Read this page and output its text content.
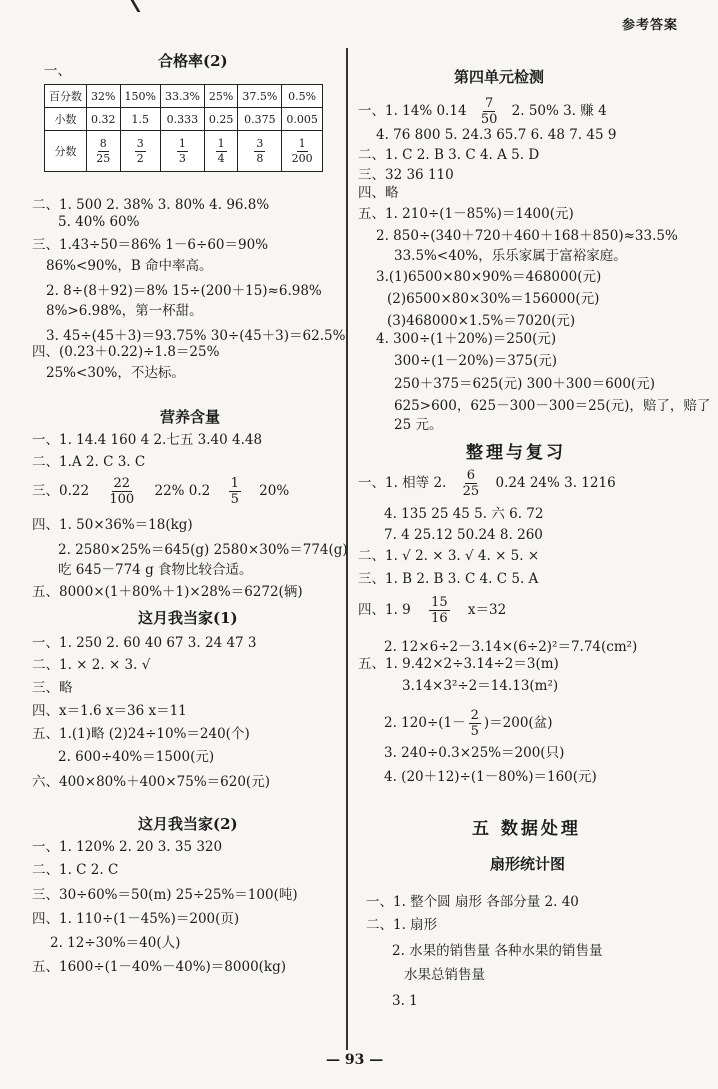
参考答案
合格率(2)
一、
百分数	32%	150%	33.3%	25%	37.5%	0.5%
小数	0.32	1.5	0.333	0.25	0.375	0.005
分数	$\frac{8}{25}$	$\frac{3}{2}$	$\frac{1}{3}$	$\frac{1}{4}$	$\frac{3}{8}$	$\frac{1}{200}$
二、1. 500 2. 38% 3. 80% 4. 96.8%
5. 40% 60%
三、1.43÷50＝86% 1－6÷60＝90%
86%<90%，B 命中率高。
2. 8÷(8＋92)＝8% 15÷(200＋15)≈6.98%
8%>6.98%，第一杯甜。
3. 45÷(45＋3)＝93.75% 30÷(45＋3)＝62.5%
四、(0.23＋0.22)÷1.8＝25%
25%<30%，不达标。
营养含量
一、1. 14.4 160 4 2.七五 3.40 4.48
二、1.A 2. C 3. C
三、$0.22 \frac{22}{100} 22\%$ $0.2 \frac{1}{5} 20\%$
四、1. 50×36%＝18(kg)
2. 2580×25%＝645(g) 2580×30%＝774(g)
吃 645－774 g 食物比较合适。
五、8000×(1＋80%＋1)×28%＝6272(辆)
这月我当家(1)
一、1. 250 2. 60 40 67 3. 24 47 3
二、1. × 2. × 3. √
三、略
四、x＝1.6 x＝36 x＝11
五、1.(1)略 (2)24÷10%＝240(个)
2. 600÷40%＝1500(元)
六、400×80%＋400×75%＝620(元)
这月我当家(2)
一、1. 120% 2. 20 3. 35 320
二、1. C 2. C
三、30÷60%＝50(m) 25÷25%＝100(吨)
四、1. 110÷(1－45%)＝200(页)
2. 12÷30%＝40(人)
五、1600÷(1－40%－40%)＝8000(kg)
第四单元检测
一、1. 14% $0.14 \frac{7}{50} 2$. 50% 3. 赚 4
4. 76 800 5. 24.3 65.7 6. 48 7. 45 9
二、1. C 2. B 3. C 4. A 5. D
三、32 36 110
四、略
五、1. 210÷(1－85%)＝1400(元)
2. 850÷(340＋720＋460＋168＋850)≈33.5%
33.5%<40%，乐乐家属于富裕家庭。
3.(1)6500×80×90%＝468000(元)
(2)6500×80×30%＝156000(元)
(3)468000×1.5%＝7020(元)
4. 300÷(1＋20%)＝250(元)
300÷(1－20%)＝375(元)
250＋375＝625(元) 300＋300＝600(元)
625>600，625－300－300＝25(元)，赔了，赔了
25 元。
整理与复习
一、1. 相等 2. $\frac{6}{25} 0.24$ 24% 3. 1216
4. 135 25 45 5. 六 6. 72
7. 4 25.12 50.24 8. 260
二、1. √ 2. × 3. √ 4. × 5. ×
三、1. B 2. B 3. C 4. C 5. A
四、1. $9 \frac{15}{16} x=32$
2. 12×6÷2－3.14×(6÷2)²＝7.74(cm²)
五、1. 9.42×2÷3.14÷2＝3(m)
3.14×3²÷2＝14.13(m²)
2. $120\div(1- \frac{2}{5} )=200$(盆)
3. 240÷0.3×25%＝200(只)
4. (20＋12)÷(1－80%)＝160(元)
五 数据处理
扇形统计图
一、1. 整个圆 扇形 各部分量 2. 40
二、1. 扇形
2. 水果的销售量 各种水果的销售量
水果总销售量
3. 1
— 93 —
